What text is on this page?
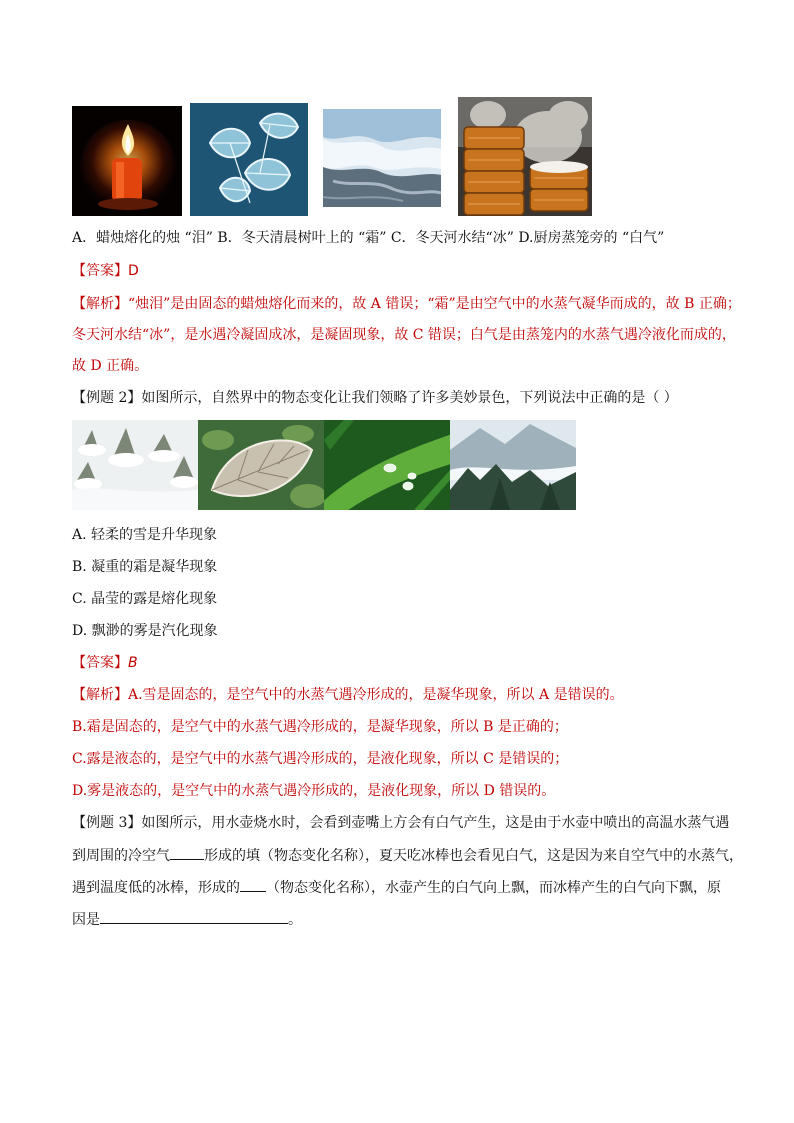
A．蜡烛熔化的烛 “泪” B．冬天清晨树叶上的 “霜” C．冬天河水结“冰” D.厨房蒸笼旁的 “白气”
【答案】D
【解析】“烛泪”是由固态的蜡烛熔化而来的，故 A 错误；“霜”是由空气中的水蒸气凝华而成的，故 B 正确；
冬天河水结“冰”，是水遇冷凝固成冰，是凝固现象，故 C 错误；白气是由蒸笼内的水蒸气遇冷液化而成的，
故 D 正确。
【例题 2】如图所示，自然界中的物态变化让我们领略了许多美妙景色，下列说法中正确的是（ ）
A. 轻柔的雪是升华现象
B. 凝重的霜是凝华现象
C. 晶莹的露是熔化现象
D. 飘渺的雾是汽化现象
【答案】B
【解析】A.雪是固态的，是空气中的水蒸气遇冷形成的，是凝华现象，所以 A 是错误的。
B.霜是固态的，是空气中的水蒸气遇冷形成的，是凝华现象，所以 B 是正确的；
C.露是液态的，是空气中的水蒸气遇冷形成的，是液化现象，所以 C 是错误的；
D.雾是液态的，是空气中的水蒸气遇冷形成的，是液化现象，所以 D 错误的。
【例题 3】如图所示，用水壶烧水时，会看到壶嘴上方会有白气产生，这是由于水壶中喷出的高温水蒸气遇
到周围的冷空气 形成的填（物态变化名称），夏天吃冰棒也会看见白气，这是因为来自空气中的水蒸气，
遇到温度低的冰棒，形成的 （物态变化名称），水壶产生的白气向上飘，而冰棒产生的白气向下飘，原
因是	。
